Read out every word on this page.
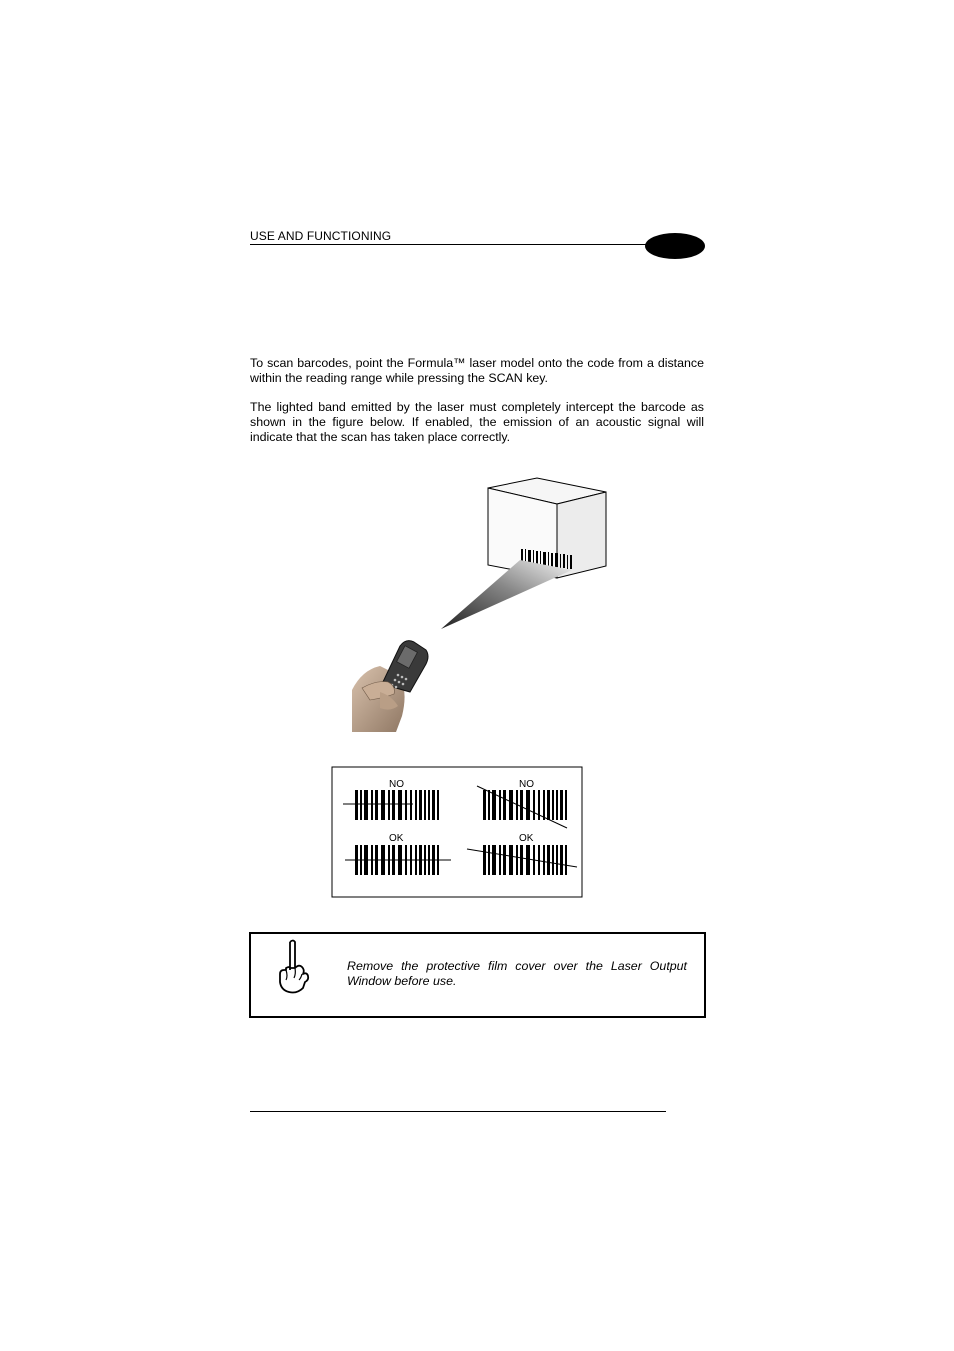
USE AND FUNCTIONING
To scan barcodes, point the Formula™ laser model onto the code from a distance within the reading range while pressing the SCAN key.
The lighted band emitted by the laser must completely intercept the barcode as shown in the figure below. If enabled, the emission of an acoustic signal will indicate that the scan has taken place correctly.
NO	NO
OK	OK
Remove the protective film cover over the Laser Output Window before use.
